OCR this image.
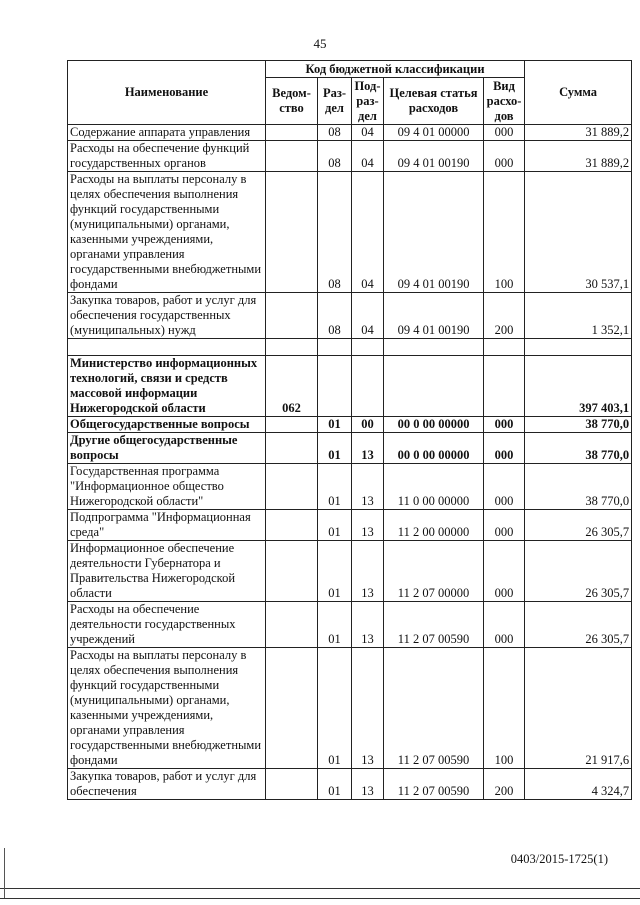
45
Наименование	Код бюджетной классификации					Сумма
	Ведом-ство	Раз-дел	Под-раз-дел	Целевая статья расходов	Вид расхо-дов	
Содержание аппарата управления		08	04	09 4 01 00000	000	31 889,2
Расходы на обеспечение функций государственных органов		08	04	09 4 01 00190	000	31 889,2
Расходы на выплаты персоналу в целях обеспечения выполнения функций государственными (муниципальными) органами, казенными учреждениями, органами управления государственными внебюджетными фондами		08	04	09 4 01 00190	100	30 537,1
Закупка товаров, работ и услуг для обеспечения государственных (муниципальных) нужд		08	04	09 4 01 00190	200	1 352,1

Министерство информационных технологий, связи и средств массовой информации Нижегородской области	062					397 403,1
Общегосударственные вопросы		01	00	00 0 00 00000	000	38 770,0
Другие общегосударственные вопросы		01	13	00 0 00 00000	000	38 770,0
Государственная программа "Информационное общество Нижегородской области"		01	13	11 0 00 00000	000	38 770,0
Подпрограмма "Информационная среда"		01	13	11 2 00 00000	000	26 305,7
Информационное обеспечение деятельности Губернатора и Правительства Нижегородской области		01	13	11 2 07 00000	000	26 305,7
Расходы на обеспечение деятельности государственных учреждений		01	13	11 2 07 00590	000	26 305,7
Расходы на выплаты персоналу в целях обеспечения выполнения функций государственными (муниципальными) органами, казенными учреждениями, органами управления государственными внебюджетными фондами		01	13	11 2 07 00590	100	21 917,6
Закупка товаров, работ и услуг для обеспечения		01	13	11 2 07 00590	200	4 324,7
0403/2015-1725(1)
